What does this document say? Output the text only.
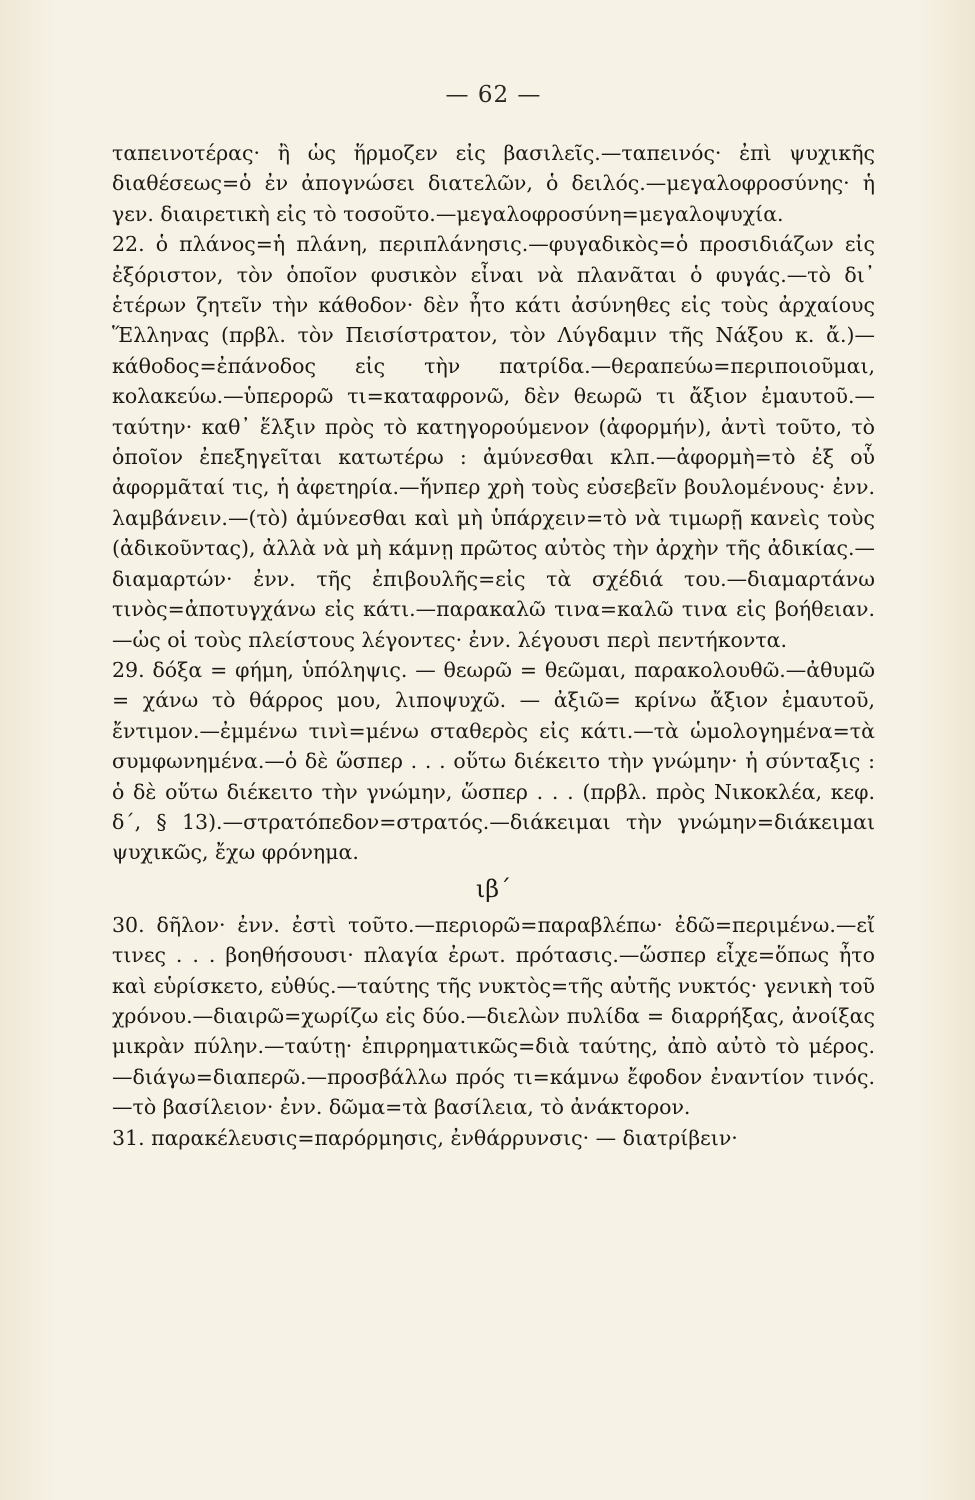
— 62 —

ταπεινοτέρας· ἢ ὡς ἥρμοζεν εἰς βασιλεῖς.—ταπεινός· ἐπὶ ψυχικῆς διαθέσεως=ὁ ἐν ἀπογνώσει διατελῶν, ὁ δειλός.—μεγαλοφροσύνης· ἡ γεν. διαιρετικὴ εἰς τὸ τοσοῦτο.—μεγαλοφροσύνη=μεγαλοψυχία.

22. ὁ πλάνος=ἡ πλάνη, περιπλάνησις.—φυγαδικὸς=ὁ προσιδιάζων εἰς ἐξόριστον, τὸν ὁποῖον φυσικὸν εἶναι νὰ πλανᾶται ὁ φυγάς.—τὸ δι᾿ ἑτέρων ζητεῖν τὴν κάθοδον· δὲν ἦτο κάτι ἀσύνηθες εἰς τοὺς ἀρχαίους Ἕλληνας (πρβλ. τὸν Πεισίστρατον, τὸν Λύγδαμιν τῆς Νάξου κ. ἄ.)—κάθοδος=ἐπάνοδος εἰς τὴν πατρίδα.—θεραπεύω=περιποιοῦμαι, κολακεύω.—ὑπερορῶ τι=καταφρονῶ, δὲν θεωρῶ τι ἄξιον ἐμαυτοῦ.—ταύτην· καθ᾿ ἕλξιν πρὸς τὸ κατηγορούμενον (ἀφορμήν), ἀντὶ τοῦτο, τὸ ὁποῖον ἐπεξηγεῖται κατωτέρω : ἀμύνεσθαι κλπ.—ἀφορμὴ=τὸ ἐξ οὗ ἀφορμᾶταί τις, ἡ ἀφετηρία.—ἥνπερ χρὴ τοὺς εὐσεβεῖν βουλομένους· ἐνν. λαμβάνειν.—(τὸ) ἀμύνεσθαι καὶ μὴ ὑπάρχειν=τὸ νὰ τιμωρῇ κανεὶς τοὺς (ἀδικοῦντας), ἀλλὰ νὰ μὴ κάμνῃ πρῶτος αὐτὸς τὴν ἀρχὴν τῆς ἀδικίας.—διαμαρτών· ἐνν. τῆς ἐπιβουλῆς=εἰς τὰ σχέδιά του.—διαμαρτάνω τινὸς=ἀποτυγχάνω εἰς κάτι.—παρακαλῶ τινα=καλῶ τινα εἰς βοήθειαν.—ὡς οἱ τοὺς πλείστους λέγοντες· ἐνν. λέγουσι περὶ πεντήκοντα.

29. δόξα = φήμη, ὑπόληψις. — θεωρῶ = θεῶμαι, παρακολουθῶ.—ἀθυμῶ = χάνω τὸ θάρρος μου, λιποψυχῶ. — ἀξιῶ= κρίνω ἄξιον ἐμαυτοῦ, ἔντιμον.—ἐμμένω τινὶ=μένω σταθερὸς εἰς κάτι.—τὰ ὡμολογημένα=τὰ συμφωνημένα.—ὁ δὲ ὥσπερ . . . οὕτω διέκειτο τὴν γνώμην· ἡ σύνταξις : ὁ δὲ οὕτω διέκειτο τὴν γνώμην, ὥσπερ . . . (πρβλ. πρὸς Νικοκλέα, κεφ. δ΄, § 13).—στρατόπεδον=στρατός.—διάκειμαι τὴν γνώμην=διάκειμαι ψυχικῶς, ἔχω φρόνημα.

ιβ΄

30. δῆλον· ἐνν. ἐστὶ τοῦτο.—περιορῶ=παραβλέπω· ἐδῶ=περιμένω.—εἴ τινες . . . βοηθήσουσι· πλαγία ἐρωτ. πρότασις.—ὥσπερ εἶχε=ὅπως ἦτο καὶ εὑρίσκετο, εὐθύς.—ταύτης τῆς νυκτὸς=τῆς αὐτῆς νυκτός· γενικὴ τοῦ χρόνου.—διαιρῶ=χωρίζω εἰς δύο.—διελὼν πυλίδα = διαρρήξας, ἀνοίξας μικρὰν πύλην.—ταύτῃ· ἐπιρρηματικῶς=διὰ ταύτης, ἀπὸ αὐτὸ τὸ μέρος.—διάγω=διαπερῶ.—προσβάλλω πρός τι=κάμνω ἔφοδον ἐναντίον τινός.—τὸ βασίλειον· ἐνν. δῶμα=τὰ βασίλεια, τὸ ἀνάκτορον.

31. παρακέλευσις=παρόρμησις, ἐνθάρρυνσις· — διατρίβειν·
